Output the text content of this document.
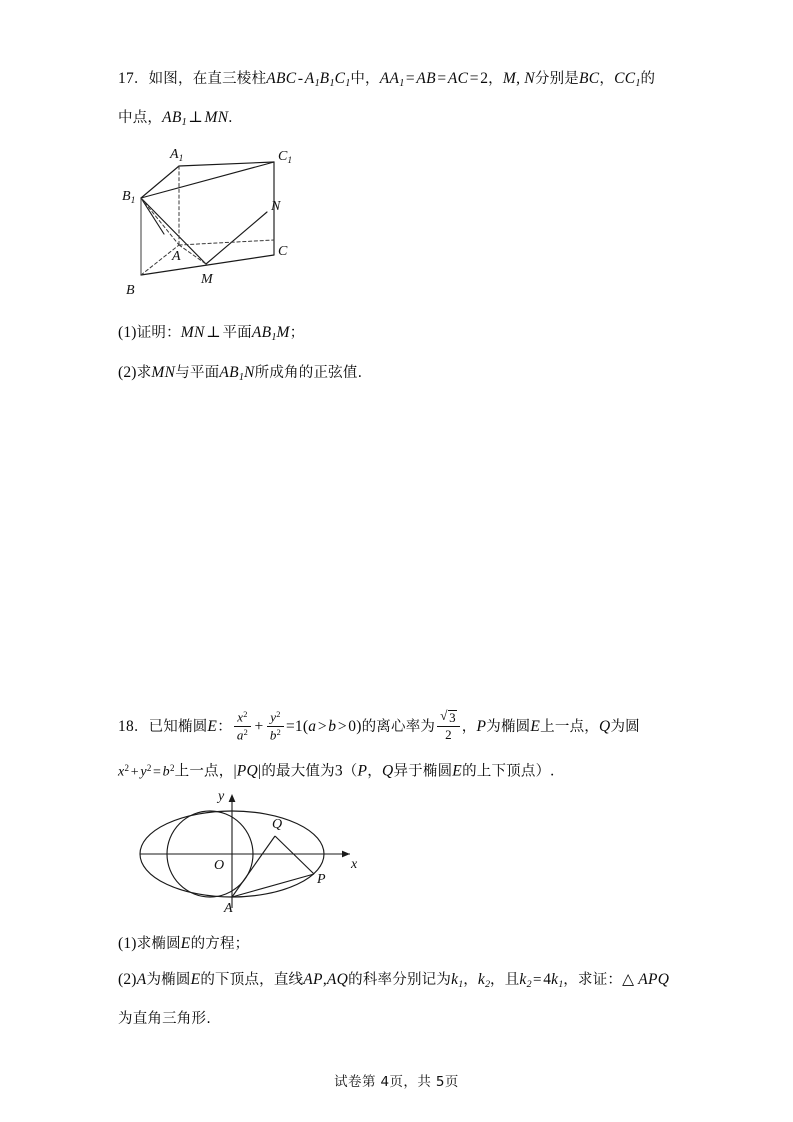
17．如图，在直三棱柱ABC-$A_1B_1C_1$中，$AA_1=AB=AC=2$，M, N分别是BC，$CC_1$的
中点，$AB_1\perp MN$.
$A_1$	$C_1$
$B_1$	N
A	C
B
M
(1)证明：MN⊥ 平面$AB_1M$；
(2)求MN与平面$AB_1N$所成角的正弦值.
18．已知椭圆E： $\frac{x^2}{a^2} + \frac{y^2}{b^2} =1(a>b>0)$的离心率为 √ $\frac{3}{2}$ ，P为椭圆E上一点，Q为圆
$x^2 + y^2 = b^2$上一点，|PQ|的最大值为3（P，Q异于椭圆E的上下顶点）.
y
x
O
Q
P
A
(1)求椭圆E的方程；
(2)A为椭圆E的下顶点，直线AP,AQ的科率分别记为$k_1$，$k_2$，且$k_2 =4k_1$，求证：△ APQ
为直角三角形.
试卷第 4页，共 5页
